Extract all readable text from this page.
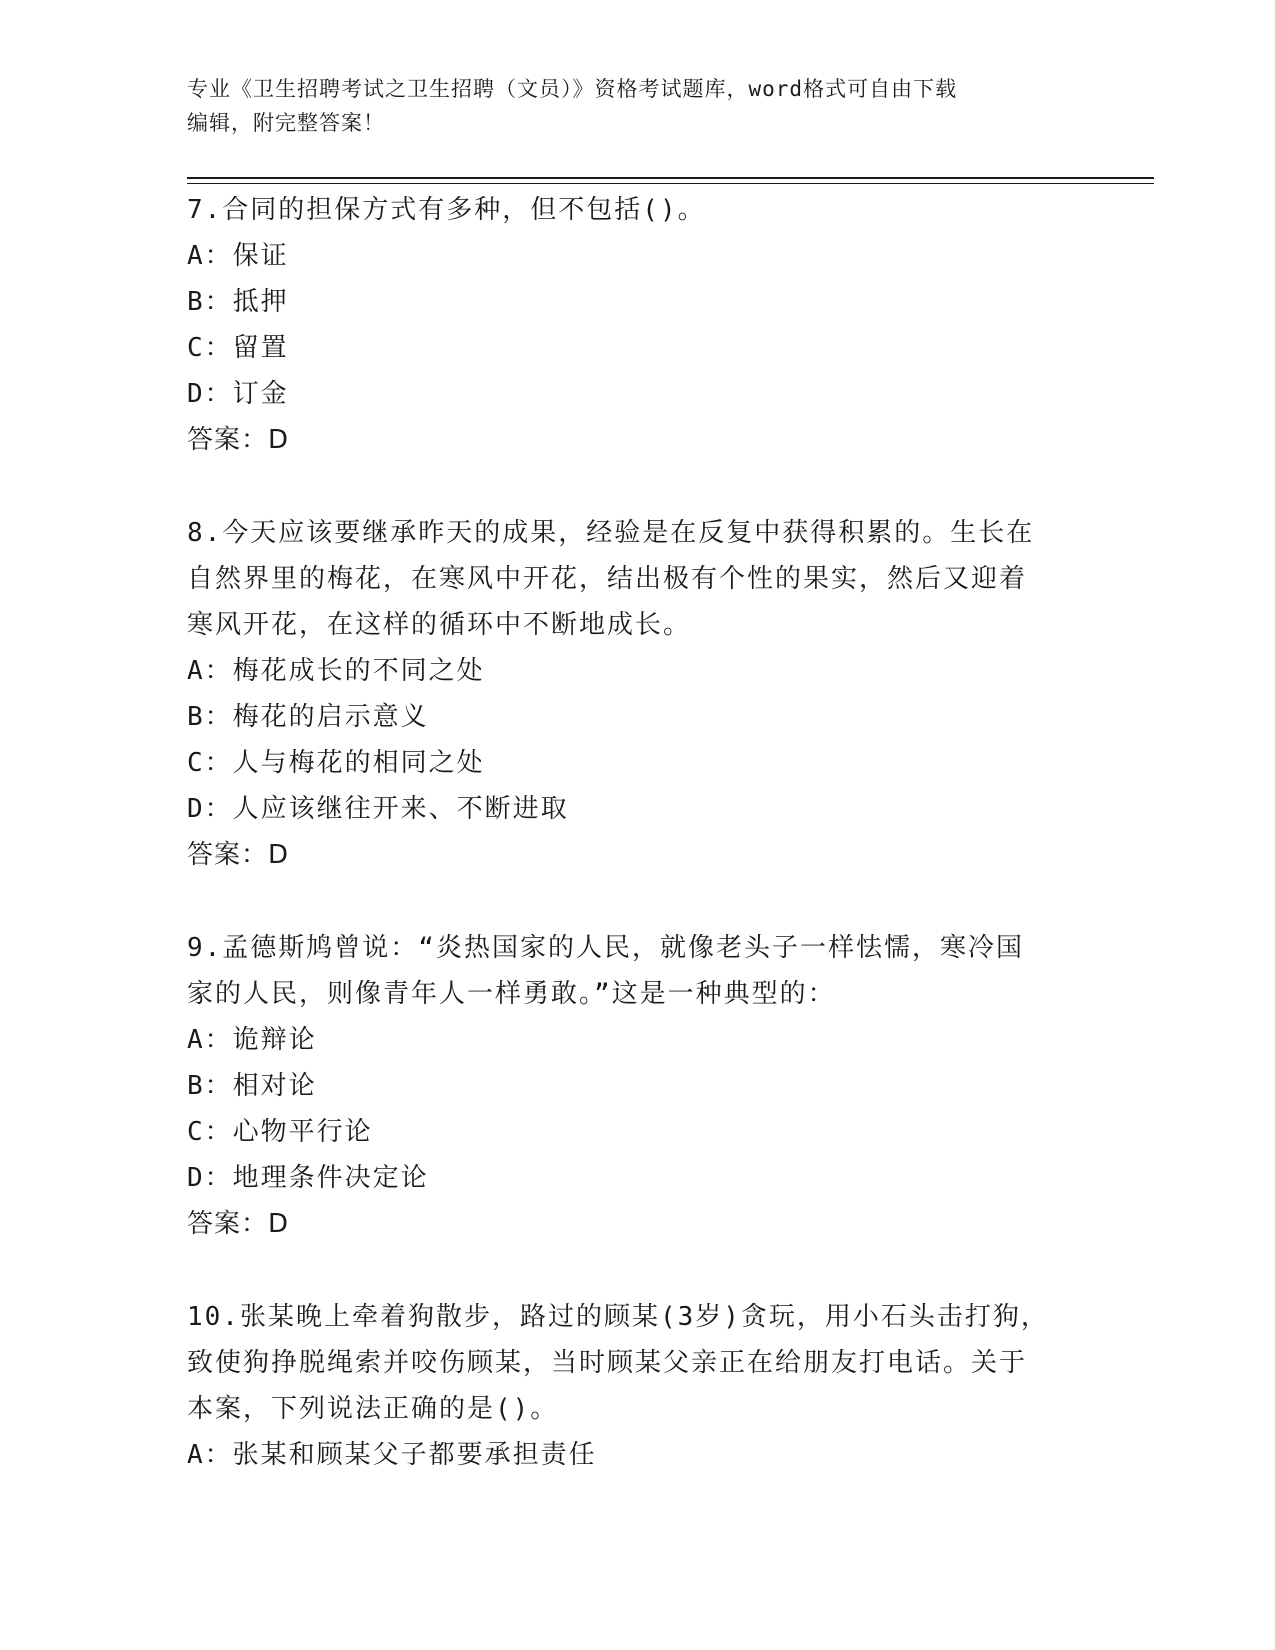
专业《卫生招聘考试之卫生招聘（文员）》资格考试题库，word格式可自由下载
编辑，附完整答案！
7.合同的担保方式有多种，但不包括()。
A：保证
B：抵押
C：留置
D：订金
答案：D
8.今天应该要继承昨天的成果，经验是在反复中获得积累的。生长在
自然界里的梅花，在寒风中开花，结出极有个性的果实，然后又迎着
寒风开花，在这样的循环中不断地成长。
A：梅花成长的不同之处
B：梅花的启示意义
C：人与梅花的相同之处
D：人应该继往开来、不断进取
答案：D
9.孟德斯鸠曾说：“炎热国家的人民，就像老头子一样怯懦，寒冷国
家的人民，则像青年人一样勇敢。”这是一种典型的：
A：诡辩论
B：相对论
C：心物平行论
D：地理条件决定论
答案：D
10.张某晚上牵着狗散步，路过的顾某(3岁)贪玩，用小石头击打狗，
致使狗挣脱绳索并咬伤顾某，当时顾某父亲正在给朋友打电话。关于
本案，下列说法正确的是()。
A：张某和顾某父子都要承担责任
